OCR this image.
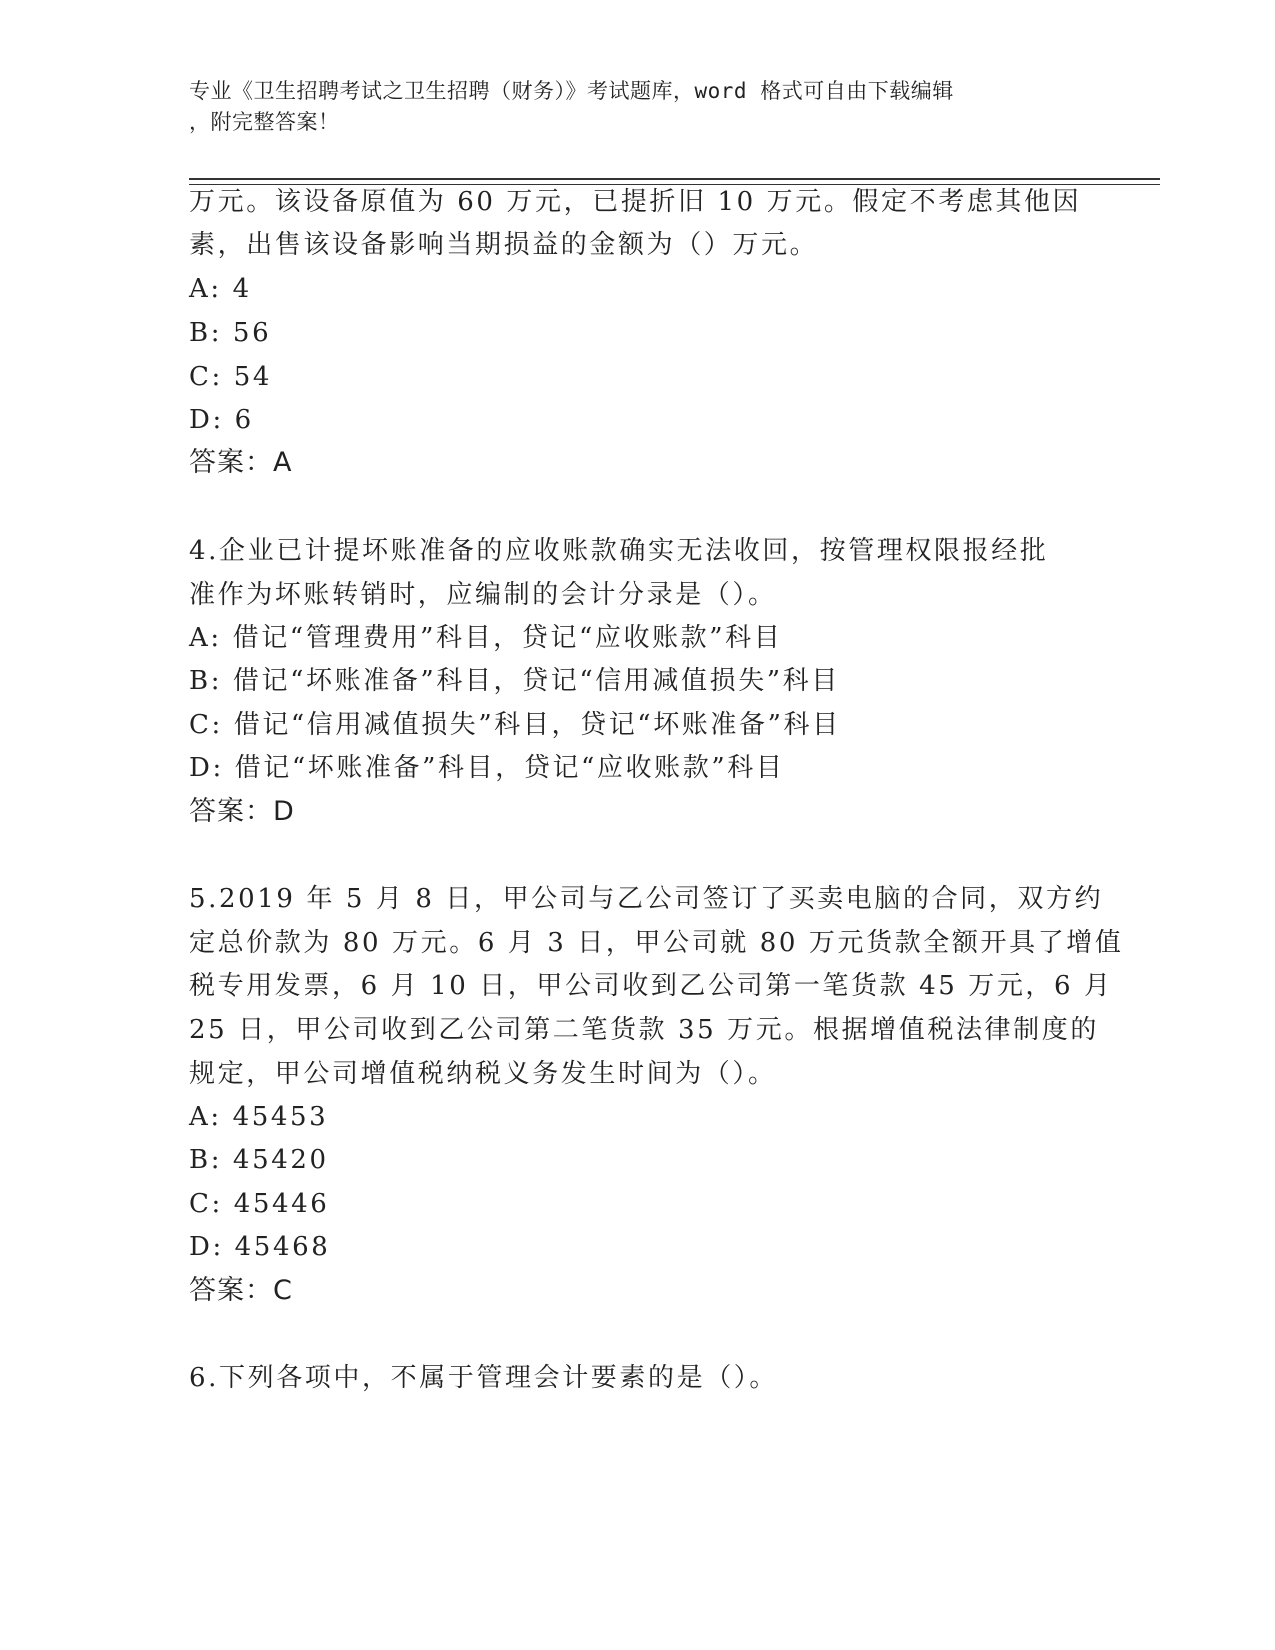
专业《卫生招聘考试之卫生招聘（财务）》考试题库，word 格式可自由下载编辑
，附完整答案！
万元。该设备原值为 60 万元，已提折旧 10 万元。假定不考虑其他因
素，出售该设备影响当期损益的金额为（）万元。
A: 4
B: 56
C: 54
D: 6
答案：A
4.企业已计提坏账准备的应收账款确实无法收回，按管理权限报经批
准作为坏账转销时，应编制的会计分录是（）。
A: 借记“管理费用”科目，贷记“应收账款”科目
B: 借记“坏账准备”科目，贷记“信用减值损失”科目
C: 借记“信用减值损失”科目，贷记“坏账准备”科目
D: 借记“坏账准备”科目，贷记“应收账款”科目
答案：D
5.2019 年 5 月 8 日，甲公司与乙公司签订了买卖电脑的合同，双方约
定总价款为 80 万元。6 月 3 日，甲公司就 80 万元货款全额开具了增值
税专用发票，6 月 10 日，甲公司收到乙公司第一笔货款 45 万元，6 月
25 日，甲公司收到乙公司第二笔货款 35 万元。根据增值税法律制度的
规定，甲公司增值税纳税义务发生时间为（）。
A: 45453
B: 45420
C: 45446
D: 45468
答案：C
6.下列各项中，不属于管理会计要素的是（）。
